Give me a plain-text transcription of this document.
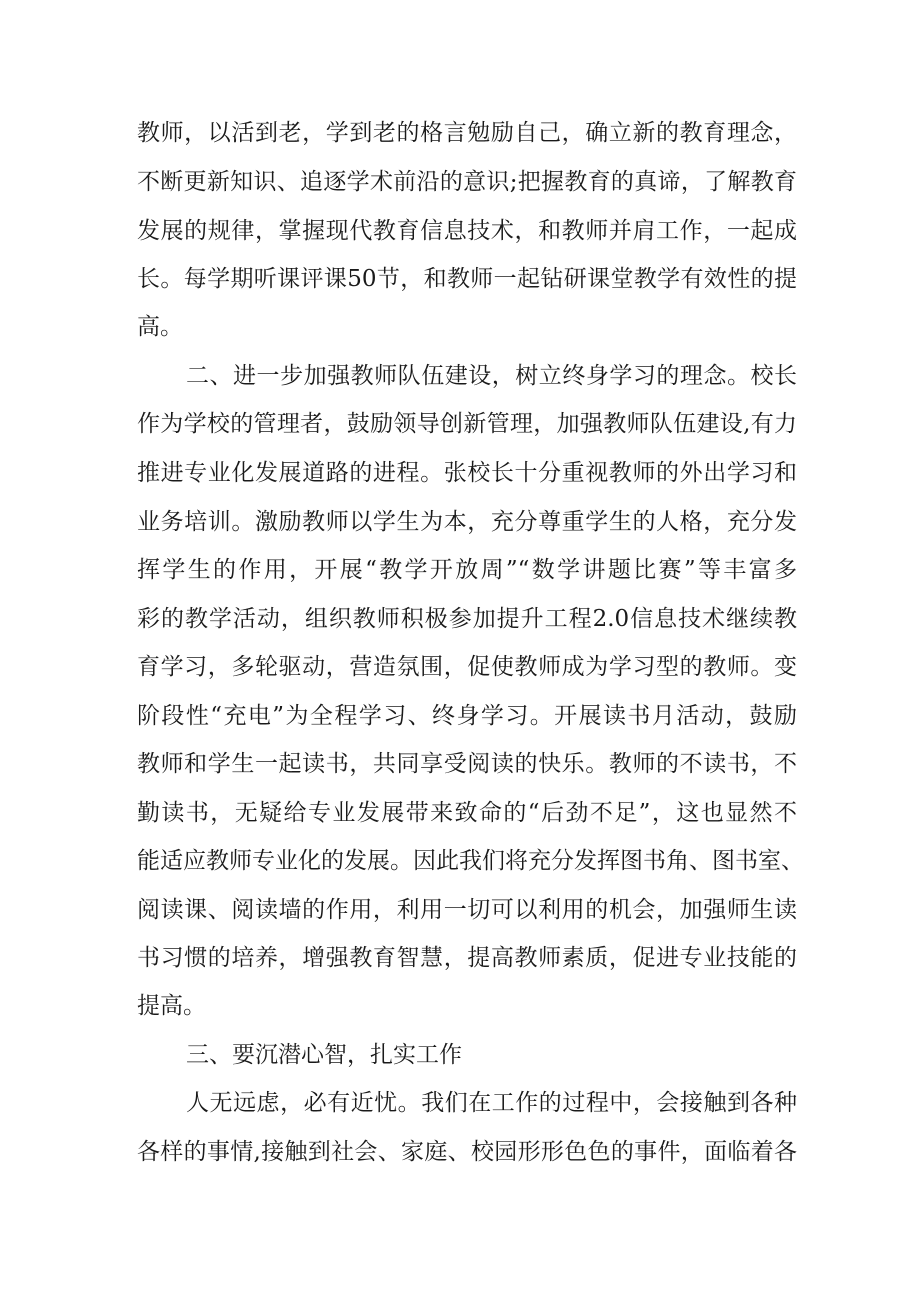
教师，以活到老，学到老的格言勉励自己，确立新的教育理念，
不断更新知识、追逐学术前沿的意识;把握教育的真谛，了解教育
发展的规律，掌握现代教育信息技术，和教师并肩工作，一起成
长。每学期听课评课50节，和教师一起钻研课堂教学有效性的提
高。
二、进一步加强教师队伍建设，树立终身学习的理念。校长
作为学校的管理者，鼓励领导创新管理，加强教师队伍建设,有力
推进专业化发展道路的进程。张校长十分重视教师的外出学习和
业务培训。激励教师以学生为本，充分尊重学生的人格，充分发
挥学生的作用，开展“教学开放周”“数学讲题比赛”等丰富多
彩的教学活动，组织教师积极参加提升工程2.0信息技术继续教
育学习，多轮驱动，营造氛围，促使教师成为学习型的教师。变
阶段性“充电”为全程学习、终身学习。开展读书月活动，鼓励
教师和学生一起读书，共同享受阅读的快乐。教师的不读书，不
勤读书，无疑给专业发展带来致命的“后劲不足”，这也显然不
能适应教师专业化的发展。因此我们将充分发挥图书角、图书室、
阅读课、阅读墙的作用，利用一切可以利用的机会，加强师生读
书习惯的培养，增强教育智慧，提高教师素质，促进专业技能的
提高。
三、要沉潜心智，扎实工作
人无远虑，必有近忧。我们在工作的过程中，会接触到各种
各样的事情,接触到社会、家庭、校园形形色色的事件，面临着各
